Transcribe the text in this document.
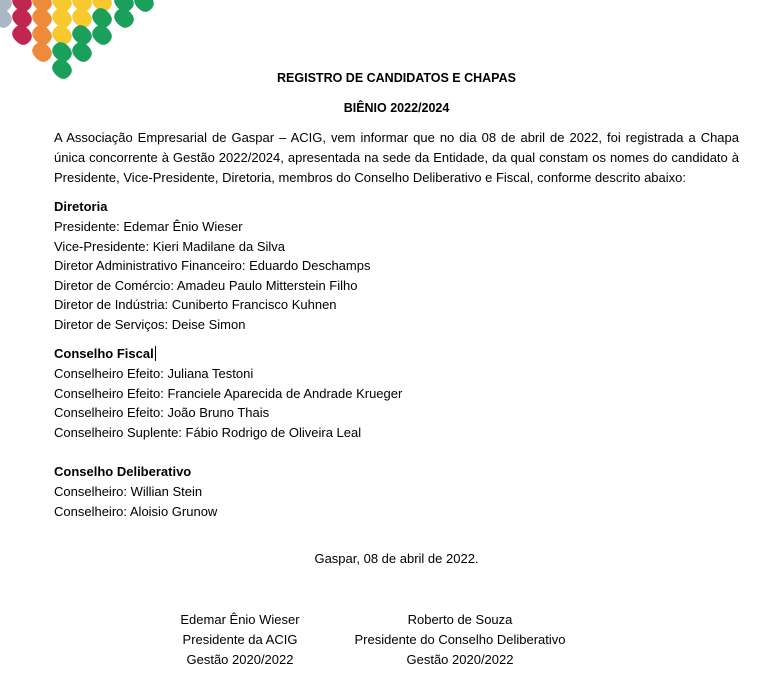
REGISTRO DE CANDIDATOS E CHAPAS
BIÊNIO 2022/2024
A Associação Empresarial de Gaspar – ACIG, vem informar que no dia 08 de abril de 2022, foi registrada a Chapa única concorrente à Gestão 2022/2024, apresentada na sede da Entidade, da qual constam os nomes do candidato à Presidente, Vice-Presidente, Diretoria, membros do Conselho Deliberativo e Fiscal, conforme descrito abaixo:
Diretoria
Presidente: Edemar Ênio Wieser
Vice-Presidente: Kieri Madilane da Silva
Diretor Administrativo Financeiro: Eduardo Deschamps
Diretor de Comércio: Amadeu Paulo Mitterstein Filho
Diretor de Indústria: Cuniberto Francisco Kuhnen
Diretor de Serviços: Deise Simon
Conselho Fiscal
Conselheiro Efeito: Juliana Testoni
Conselheiro Efeito: Franciele Aparecida de Andrade Krueger
Conselheiro Efeito: João Bruno Thais
Conselheiro Suplente: Fábio Rodrigo de Oliveira Leal
Conselho Deliberativo
Conselheiro: Willian Stein
Conselheiro: Aloisio Grunow
Gaspar, 08 de abril de 2022.
Edemar Ênio Wieser
Presidente da ACIG
Gestão 2020/2022
Roberto de Souza
Presidente do Conselho Deliberativo
Gestão 2020/2022
